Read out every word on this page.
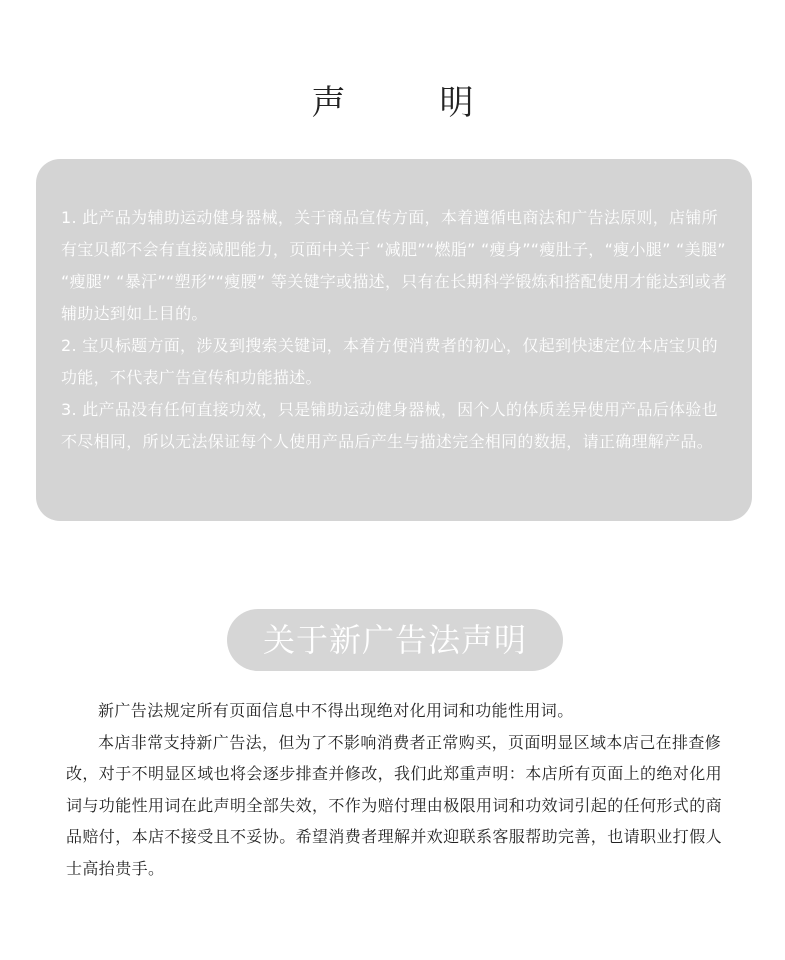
声　明

1. 此产品为辅助运动健身器械，关于商品宣传方面，本着遵循电商法和广告法原则，店铺所有宝贝都不会有直接减肥能力，页面中关于 “减肥”“燃脂” “瘦身”“瘦肚子，“瘦小腿” “美腿” “瘦腿” “暴汗”“塑形”“瘦腰” 等关键字或描述，只有在长期科学锻炼和搭配使用才能达到或者辅助达到如上目的。

2. 宝贝标题方面，涉及到搜索关键词，本着方便消费者的初心，仅起到快速定位本店宝贝的功能，不代表广告宣传和功能描述。

3. 此产品没有任何直接功效，只是铺助运动健身器械，因个人的体质差异使用产品后体验也不尽相同，所以无法保证每个人使用产品后产生与描述完全相同的数据，请正确理解产品。

关于新广告法声明

新广告法规定所有页面信息中不得出现绝对化用词和功能性用词。

本店非常支持新广告法，但为了不影响消费者正常购买，页面明显区域本店己在排查修改，对于不明显区域也将会逐步排查并修改，我们此郑重声明：本店所有页面上的绝对化用词与功能性用词在此声明全部失效，不作为赔付理由极限用词和功效词引起的任何形式的商品赔付，本店不接受且不妥协。希望消费者理解并欢迎联系客服帮助完善，也请职业打假人士高抬贵手。
